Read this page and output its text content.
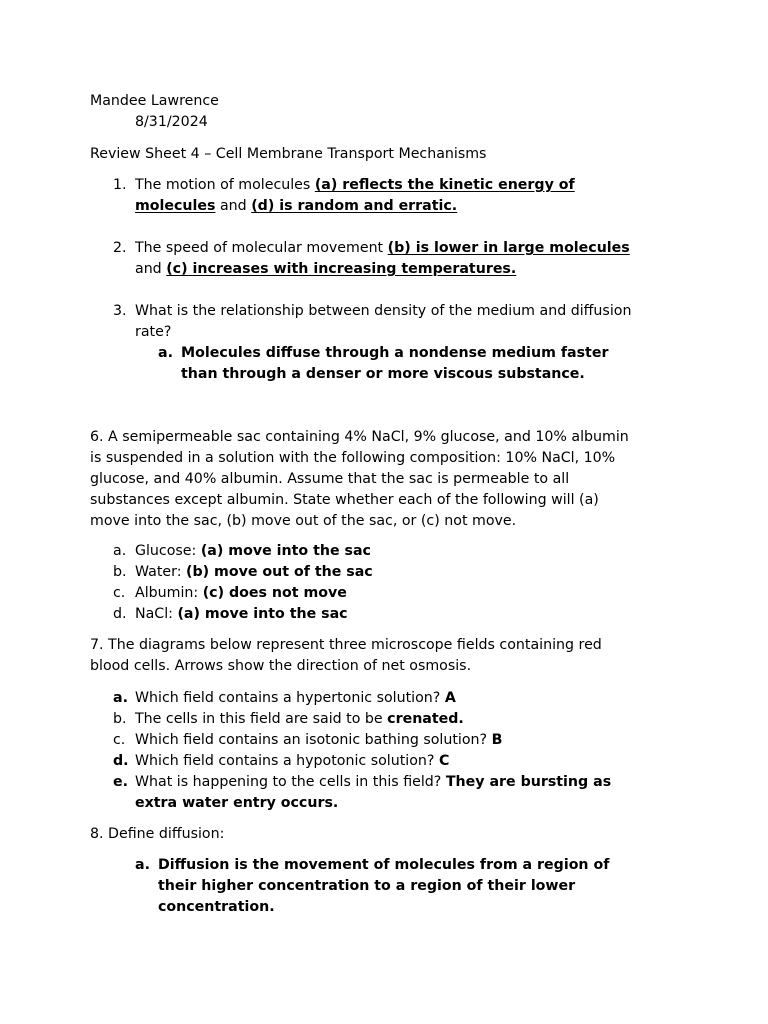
Mandee Lawrence
8/31/2024
Review Sheet 4 – Cell Membrane Transport Mechanisms
1. The motion of molecules (a) reflects the kinetic energy of
molecules and (d) is random and erratic.
2. The speed of molecular movement (b) is lower in large molecules
and (c) increases with increasing temperatures.
3. What is the relationship between density of the medium and diffusion
rate?
a. Molecules diffuse through a nondense medium faster
than through a denser or more viscous substance.
6. A semipermeable sac containing 4% NaCl, 9% glucose, and 10% albumin
is suspended in a solution with the following composition: 10% NaCl, 10%
glucose, and 40% albumin. Assume that the sac is permeable to all
substances except albumin. State whether each of the following will (a)
move into the sac, (b) move out of the sac, or (c) not move.
a. Glucose: (a) move into the sac
b. Water: (b) move out of the sac
c. Albumin: (c) does not move
d. NaCl: (a) move into the sac
7. The diagrams below represent three microscope fields containing red
blood cells. Arrows show the direction of net osmosis.
a. Which field contains a hypertonic solution? A
b. The cells in this field are said to be crenated.
c. Which field contains an isotonic bathing solution? B
d. Which field contains a hypotonic solution? C
e. What is happening to the cells in this field? They are bursting as
extra water entry occurs.
8. Define diffusion:
a. Diffusion is the movement of molecules from a region of
their higher concentration to a region of their lower
concentration.
